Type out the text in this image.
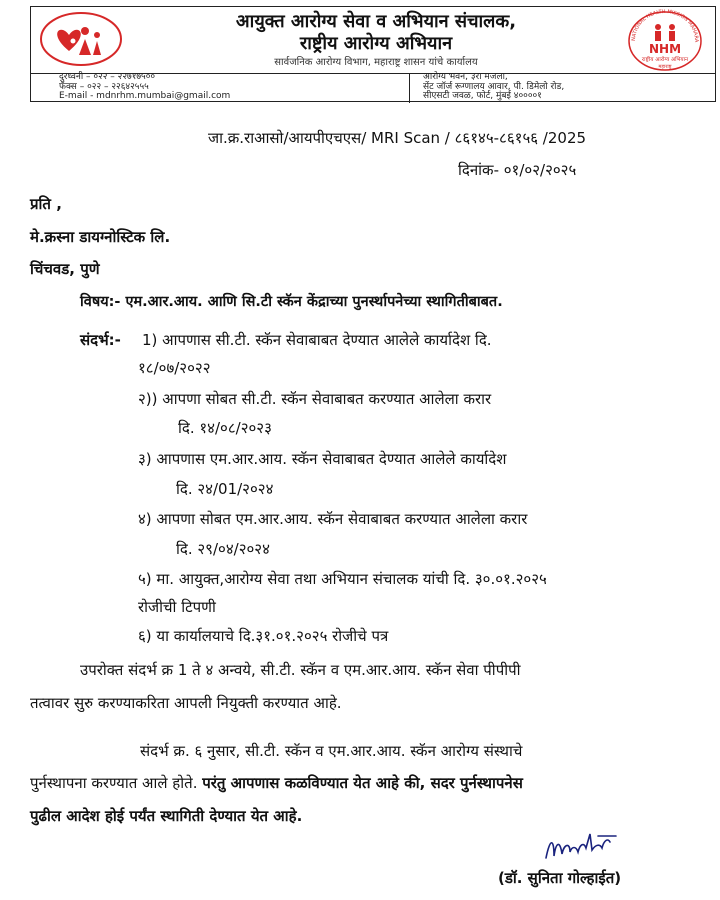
आयुक्त आरोग्य सेवा व अभियान संचालक,
राष्ट्रीय आरोग्य अभियान
सार्वजनिक आरोग्य विभाग, महाराष्ट्र शासन यांचे कार्यालय
NATIONAL HEALTH MISSION MAHARA
NHM
राष्ट्रीय आरोग्य अभियान
महाराष्ट्र
दुरध्वनी – ०२२ – २२७१७५००
फॅक्स – ०२२ – २२६४२५५५
E-mail - mdnrhm.mumbai@gmail.com
आरोग्य भवन, ३रा मजला,
सेंट जॉर्ज रूग्णालय आवार, पी. डिमेलो रोड,
सीएसटी जवळ, फोर्ट, मुंबई ४००००१
जा.क्र.राआसो/आयपीएचएस/ MRI Scan / ८६१४५-८६१५६ /2025
दिनांक- ०१/०२/२०२५
प्रति ,
मे.क्रस्ना डायग्नोस्टिक लि.
चिंचवड, पुणे
विषय:- एम.आर.आय. आणि सि.टी स्कॅन केंद्राच्या पुनर्स्थापनेच्या स्थागितीबाबत.
संदर्भ:- 1) आपणास सी.टी. स्कॅन सेवाबाबत देण्यात आलेले कार्यादेश दि.
१८/०७/२०२२
२)) आपणा सोबत सी.टी. स्कॅन सेवाबाबत करण्यात आलेला करार
दि. १४/०८/२०२३
३) आपणास एम.आर.आय. स्कॅन सेवाबाबत देण्यात आलेले कार्यादेश
दि. २४/01/२०२४
४) आपणा सोबत एम.आर.आय. स्कॅन सेवाबाबत करण्यात आलेला करार
दि. २९/०४/२०२४
५) मा. आयुक्त,आरोग्य सेवा तथा अभियान संचालक यांची दि. ३०.०१.२०२५
रोजीची टिपणी
६) या कार्यालयाचे दि.३१.०१.२०२५ रोजीचे पत्र
उपरोक्त संदर्भ क्र 1 ते ४ अन्वये, सी.टी. स्कॅन व एम.आर.आय. स्कॅन सेवा पीपीपी
तत्वावर सुरु करण्याकरिता आपली नियुक्ती करण्यात आहे.
संदर्भ क्र. ६ नुसार, सी.टी. स्कॅन व एम.आर.आय. स्कॅन आरोग्य संस्थाचे
पुर्नस्थापना करण्यात आले होते. परंतु आपणास कळविण्यात येत आहे की, सदर पुर्नस्थापनेस
पुढील आदेश होई पर्यंत स्थागिती देण्यात येत आहे.
(डॉ. सुनिता गोल्हाईत)
